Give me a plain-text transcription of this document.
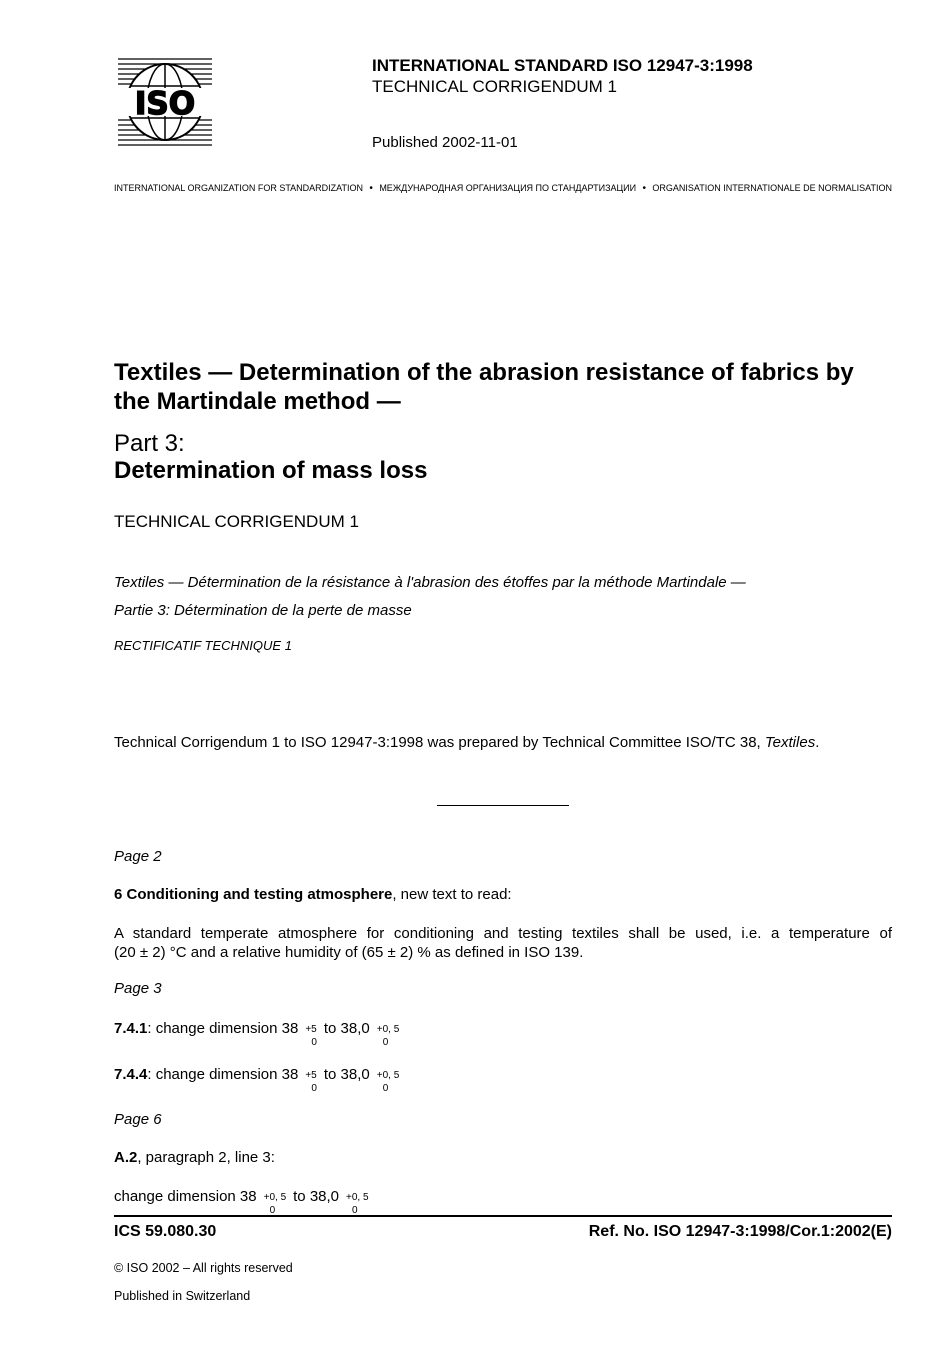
ISO
INTERNATIONAL STANDARD ISO 12947-3:1998
TECHNICAL CORRIGENDUM 1
Published 2002-11-01
INTERNATIONAL ORGANIZATION FOR STANDARDIZATION • МЕЖДУНАРОДНАЯ ОРГАНИЗАЦИЯ ПО СТАНДАРТИЗАЦИИ • ORGANISATION INTERNATIONALE DE NORMALISATION
Textiles — Determination of the abrasion resistance of fabrics by the Martindale method —
Part 3:
Determination of mass loss
TECHNICAL CORRIGENDUM 1
Textiles — Détermination de la résistance à l'abrasion des étoffes par la méthode Martindale —
Partie 3: Détermination de la perte de masse
RECTIFICATIF TECHNIQUE 1
Technical Corrigendum 1 to ISO 12947-3:1998 was prepared by Technical Committee ISO/TC 38, Textiles.
Page 2
6 Conditioning and testing atmosphere, new text to read:
A standard temperate atmosphere for conditioning and testing textiles shall be used, i.e. a temperature of
(20 ± 2) °C and a relative humidity of (65 ± 2) % as defined in ISO 139.
Page 3
7.4.1: change dimension 38 +5
0
to 38,0 +0, 5
0
7.4.4: change dimension 38 +5
0
to 38,0 +0, 5
0
Page 6
A.2, paragraph 2, line 3:
change dimension 38 +0, 5
0
to 38,0 +0, 5
0
ICS 59.080.30	Ref. No. ISO 12947-3:1998/Cor.1:2002(E)
© ISO 2002 – All rights reserved
Published in Switzerland
